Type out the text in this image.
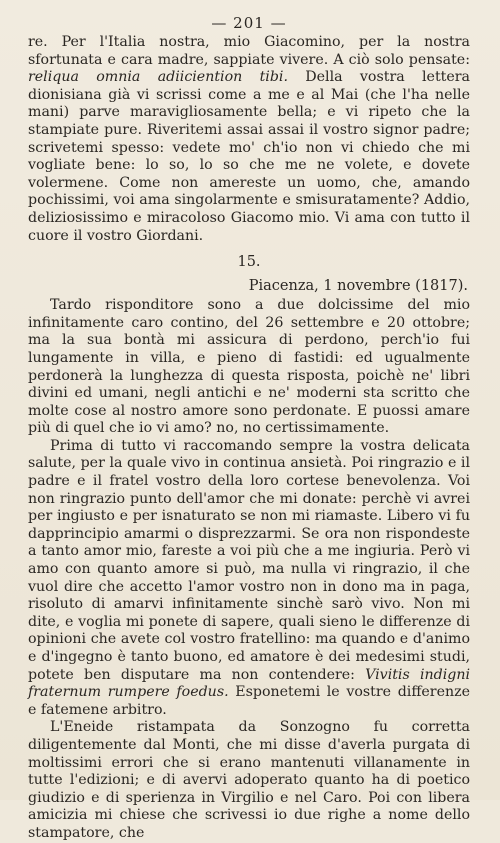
— 201 —

re. Per l'Italia nostra, mio Giacomino, per la nostra sfortunata e cara madre, sappiate vivere. A ciò solo pensate: reliqua omnia adiiciention tibi. Della vostra lettera dionisiana già vi scrissi come a me e al Mai (che l'ha nelle mani) parve maravigliosamente bella; e vi ripeto che la stampiate pure. Riveritemi assai assai il vostro signor padre; scrivetemi spesso: vedete mo' ch'io non vi chiedo che mi vogliate bene: lo so, lo so che me ne volete, e dovete volermene. Come non amereste un uomo, che, amando pochissimi, voi ama singolarmente e smisuratamente? Addio, deliziosissimo e miracoloso Giacomo mio. Vi ama con tutto il cuore il vostro Giordani.

15.
Piacenza, 1 novembre (1817).

Tardo risponditore sono a due dolcissime del mio infinitamente caro contino, del 26 settembre e 20 ottobre; ma la sua bontà mi assicura di perdono, perch'io fui lungamente in villa, e pieno di fastidi: ed ugualmente perdonerà la lunghezza di questa risposta, poichè ne' libri divini ed umani, negli antichi e ne' moderni sta scritto che molte cose al nostro amore sono perdonate. E puossi amare più di quel che io vi amo? no, no certissimamente.

Prima di tutto vi raccomando sempre la vostra delicata salute, per la quale vivo in continua ansietà. Poi ringrazio e il padre e il fratel vostro della loro cortese benevolenza. Voi non ringrazio punto dell'amor che mi donate: perchè vi avrei per ingiusto e per isnaturato se non mi riamaste. Libero vi fu dapprincipio amarmi o disprezzarmi. Se ora non rispondeste a tanto amor mio, fareste a voi più che a me ingiuria. Però vi amo con quanto amore si può, ma nulla vi ringrazio, il che vuol dire che accetto l'amor vostro non in dono ma in paga, risoluto di amarvi infinitamente sinchè sarò vivo. Non mi dite, e voglia mi ponete di sapere, quali sieno le differenze di opinioni che avete col vostro fratellino: ma quando e d'animo e d'ingegno è tanto buono, ed amatore è dei medesimi studi, potete ben disputare ma non contendere: Vivitis indigni fraternum rumpere foedus. Esponetemi le vostre differenze e fatemene arbitro.

L'Eneide ristampata da Sonzogno fu corretta diligentemente dal Monti, che mi disse d'averla purgata di moltissimi errori che si erano mantenuti villanamente in tutte l'edizioni; e di avervi adoperato quanto ha di poetico giudizio e di sperienza in Virgilio e nel Caro. Poi con libera amicizia mi chiese che scrivessi io due righe a nome dello stampatore, che
